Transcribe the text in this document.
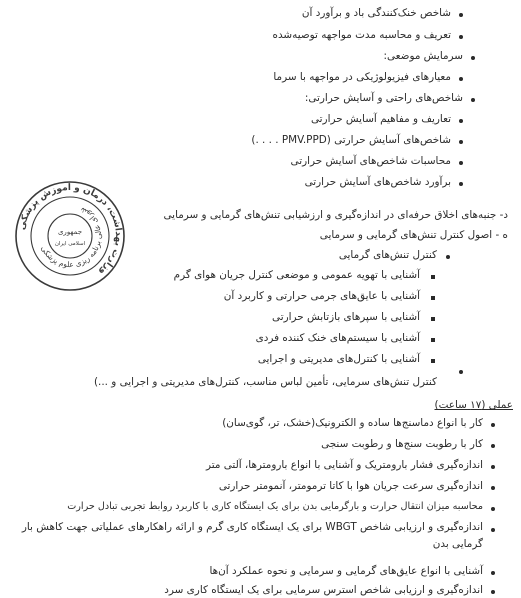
شاخص خنک‌کنندگی باد و برآورد آن
تعریف و محاسبه مدت مواجهه توصیه‌شده
سرمایش موضعی:
معیارهای فیزیولوژیکی در مواجهه با سرما
شاخص‌های راحتی و آسایش حرارتی:
تعاریف و مفاهیم آسایش حرارتی
شاخص‌های آسایش حرارتی (PMV.PPD . . . .)
محاسبات شاخص‌های آسایش حرارتی
برآورد شاخص‌های آسایش حرارتی
وزارت بهداشت، درمان و آموزش پزشکی
شورای عالی برنامه ریزی علوم پزشکی
جمهوری
اسلامی ایران
د- جنبه‌های اخلاق حرفه‌ای در اندازه‌گیری و ارزشیابی تنش‌های گرمایی و سرمایی
ه - اصول کنترل تنش‌های گرمایی و سرمایی
کنترل تنش‌های گرمایی
آشنایی با تهویه عمومی و موضعی کنترل جریان هوای گرم
آشنایی با عایق‌های جرمی حرارتی و کاربرد آن
آشنایی با سپرهای بازتابش حرارتی
آشنایی با سیستم‌های خنک کننده فردی
آشنایی با کنترل‌های مدیریتی و اجرایی
کنترل تنش‌های سرمایی، تأمین لباس مناسب، کنترل‌های مدیریتی و اجرایی و ...)
عملی (۱۷ ساعت)
کار با انواع دماسنج‌ها ساده و الکترونیک(خشک، تر، گوی‌سان)
کار با رطوبت سنج‌ها و رطوبت سنجی
اندازه‌گیری فشار بارومتریک و آشنایی با انواع بارومترها، آلتی متر
اندازه‌گیری سرعت جریان هوا با کاتا ترمومتر، آنمومتر حرارتی
محاسبه میزان انتقال حرارت و بارگرمایی بدن برای یک ایستگاه کاری با کاربرد روابط تجربی تبادل حرارت
اندازه‌گیری و ارزیابی شاخص WBGT برای یک ایستگاه کاری گرم و ارائه راهکارهای عملیاتی جهت کاهش بار گرمایی بدن
آشنایی با انواع عایق‌های گرمایی و سرمایی و نحوه عملکرد آن‌ها
اندازه‌گیری و ارزیابی شاخص استرس سرمایی برای یک ایستگاه کاری سرد
